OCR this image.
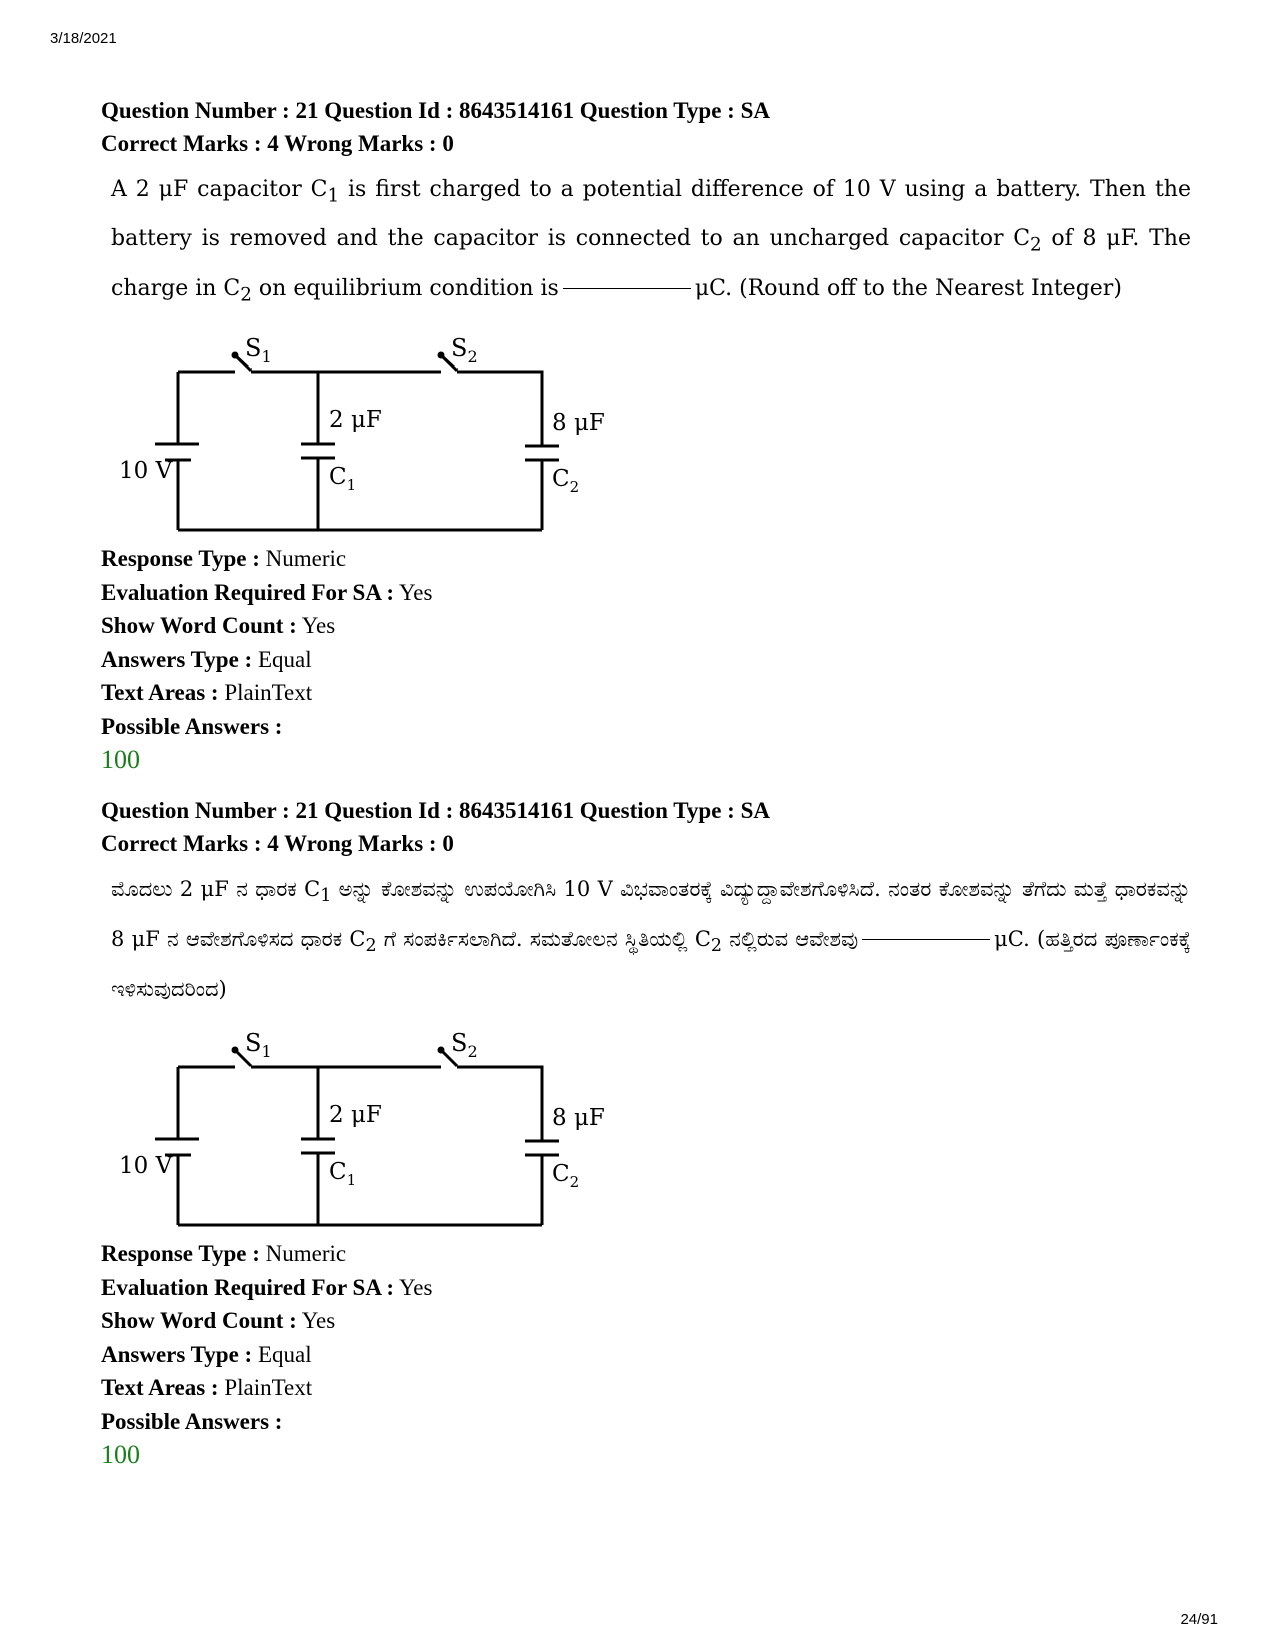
3/18/2021
Question Number : 21 Question Id : 8643514161 Question Type : SA
Correct Marks : 4 Wrong Marks : 0
A 2 μF capacitor $C_1$ is first charged to a potential difference of 10 V using a battery. Then the battery is removed and the capacitor is connected to an uncharged capacitor $C_2$ of 8 μF. The charge in $C_2$ on equilibrium condition is	μC. (Round off to the Nearest Integer)
$S_1$	$S_2$
10 V
2 μF
$C_1$
8 μF
$C_2$
Response Type : Numeric
Evaluation Required For SA : Yes
Show Word Count : Yes
Answers Type : Equal
Text Areas : PlainText
Possible Answers :
100
Question Number : 21 Question Id : 8643514161 Question Type : SA
Correct Marks : 4 Wrong Marks : 0
ಮೊದಲು 2 μF ನ ಧಾರಕ $C_1$ ಅನ್ನು ಕೋಶವನ್ನು ಉಪಯೋಗಿಸಿ 10 V ವಿಭವಾಂತರಕ್ಕೆ ವಿದ್ಯುದ್ದಾವೇಶಗೊಳಿಸಿದೆ. ನಂತರ ಕೋಶವನ್ನು ತೆಗೆದು ಮತ್ತೆ ಧಾರಕವನ್ನು 8 μF ನ ಆವೇಶಗೊಳಿಸದ ಧಾರಕ $C_2$ ಗೆ ಸಂಪರ್ಕಿಸಲಾಗಿದೆ. ಸಮತೋಲನ ಸ್ಥಿತಿಯಲ್ಲಿ $C_2$ ನಲ್ಲಿರುವ ಆವೇಶವು	μC. (ಹತ್ತಿರದ ಪೂರ್ಣಾಂಕಕ್ಕೆ ಇಳಿಸುವುದರಿಂದ)
$S_1$	$S_2$
10 V
2 μF
$C_1$
8 μF
$C_2$
Response Type : Numeric
Evaluation Required For SA : Yes
Show Word Count : Yes
Answers Type : Equal
Text Areas : PlainText
Possible Answers :
100
24/91
